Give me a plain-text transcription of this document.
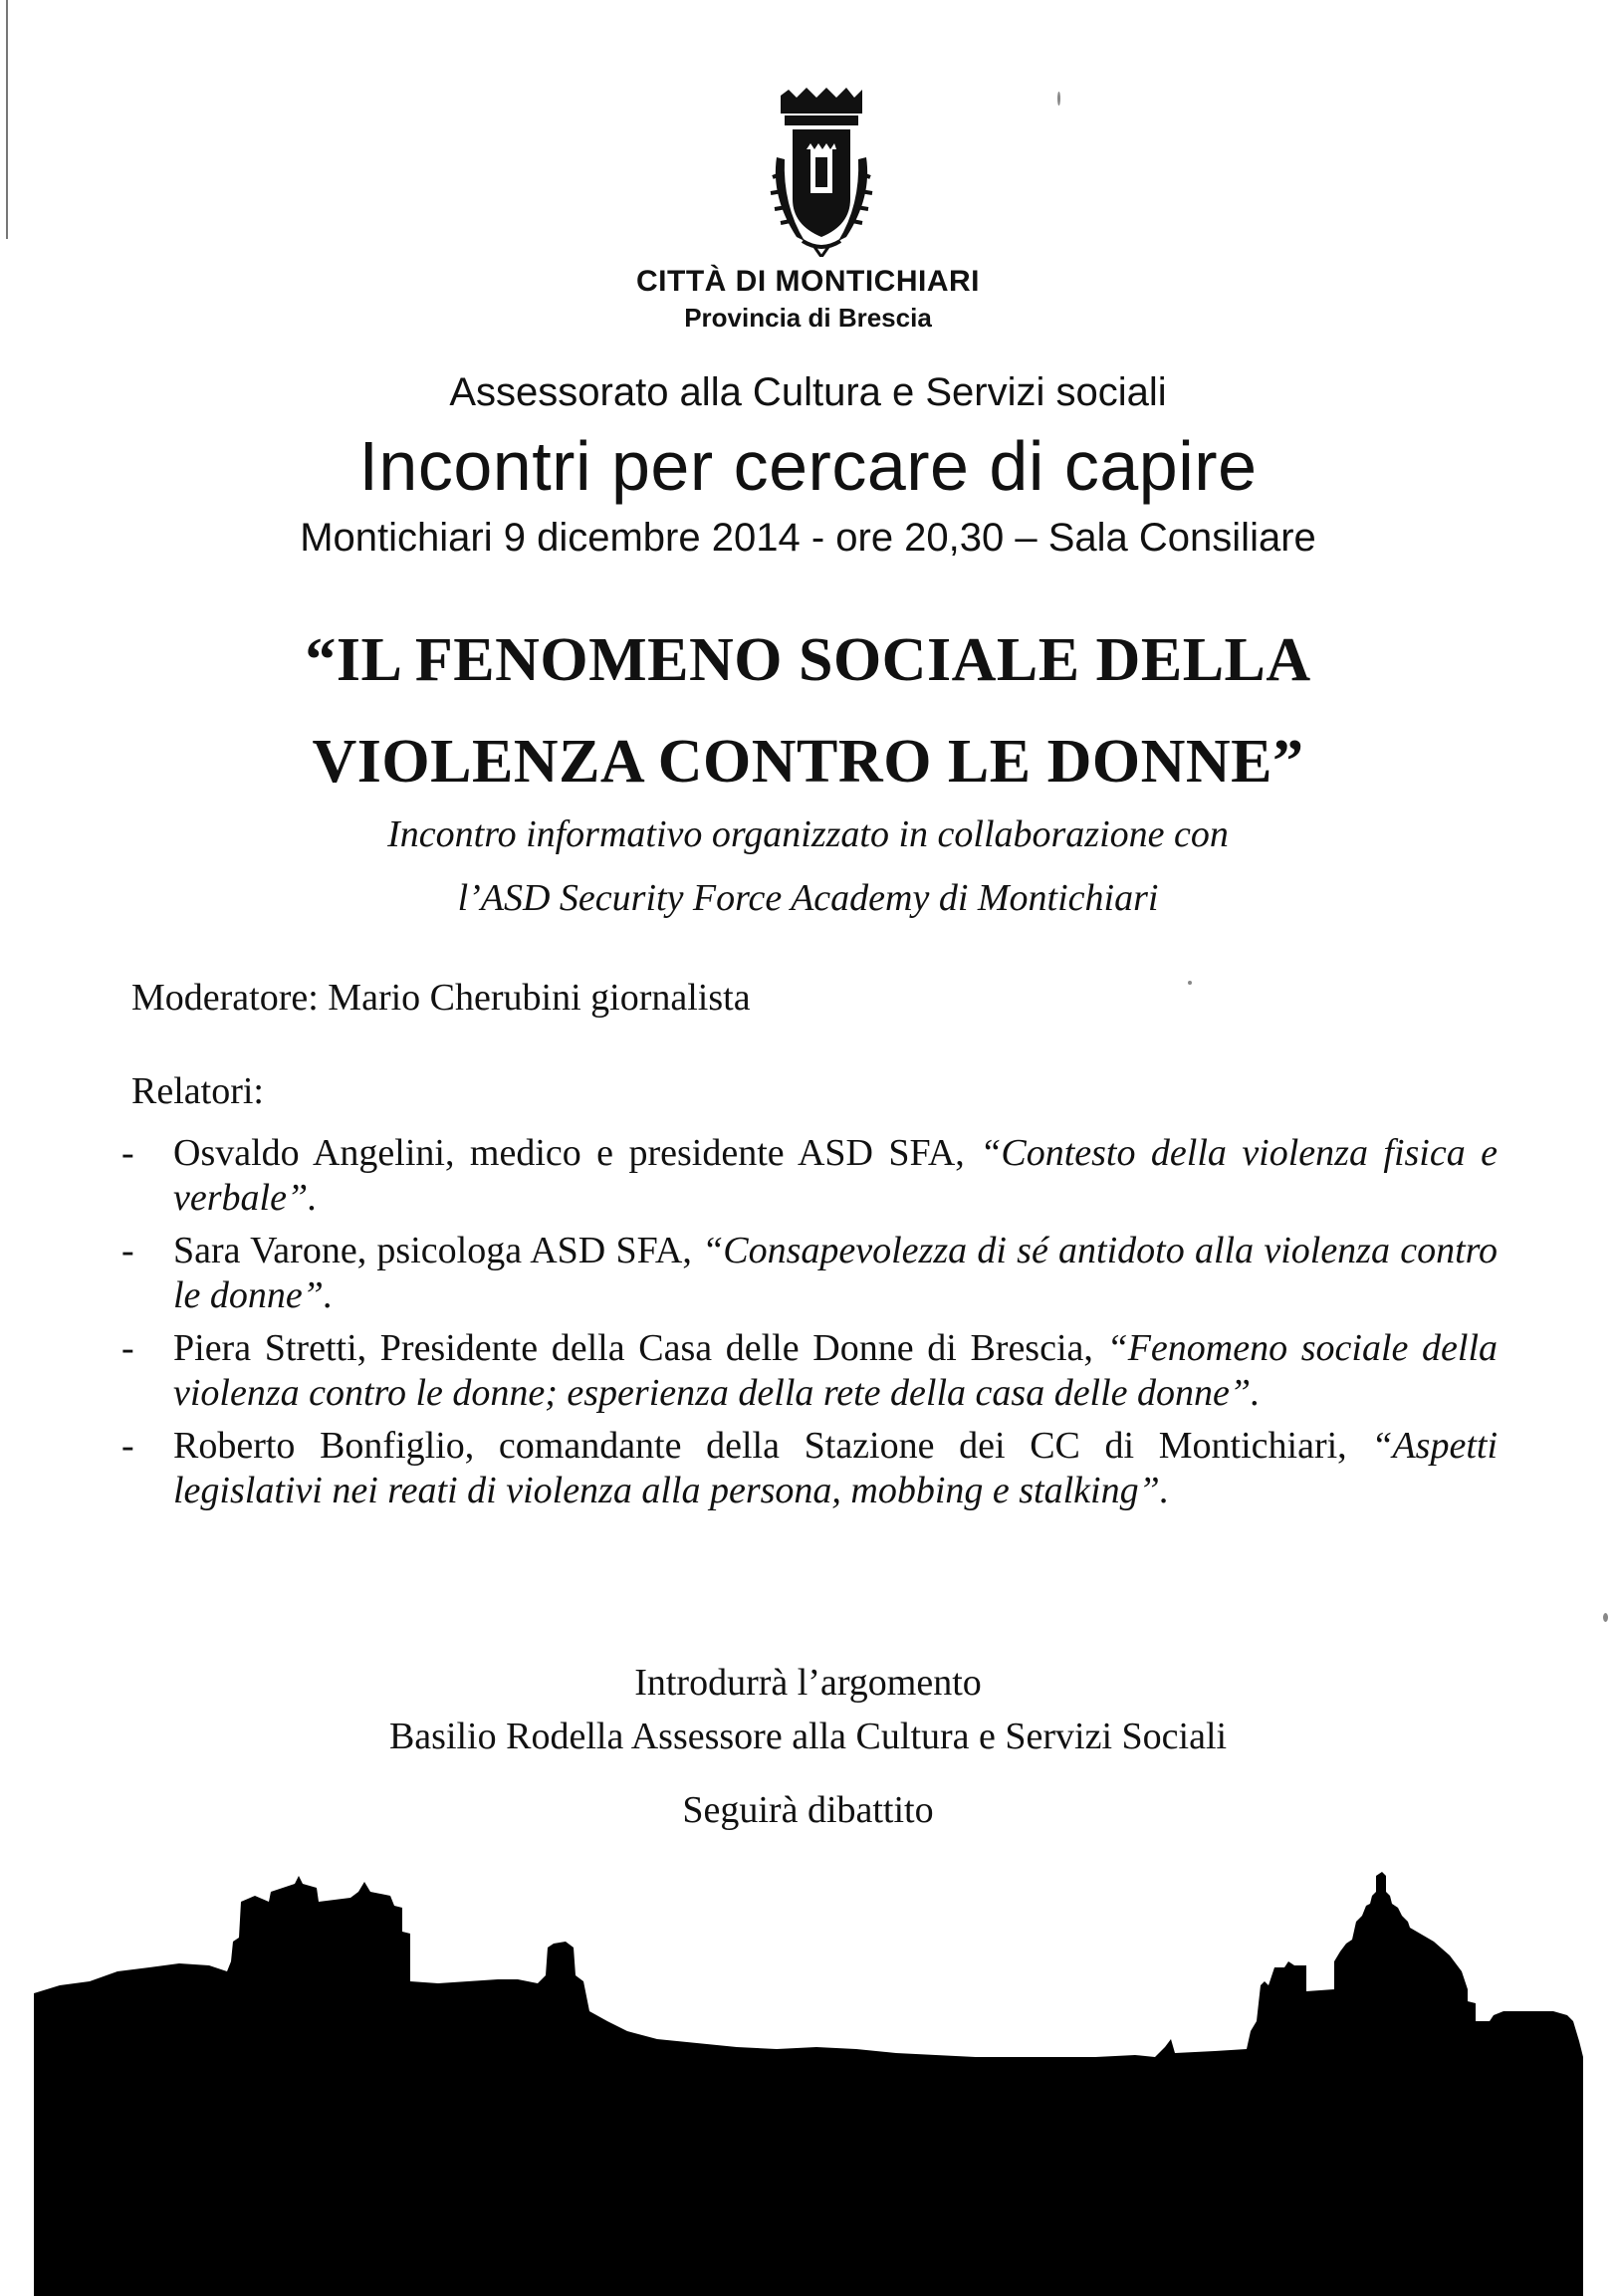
CITTÀ DI MONTICHIARI
Provincia di Brescia
Assessorato alla Cultura e Servizi sociali
Incontri per cercare di capire
Montichiari 9 dicembre 2014 - ore 20,30 – Sala Consiliare
“IL FENOMENO SOCIALE DELLA
VIOLENZA CONTRO LE DONNE”
Incontro informativo organizzato in collaborazione con
l’ASD Security Force Academy di Montichiari
Moderatore: Mario Cherubini giornalista
Relatori:
- Osvaldo Angelini, medico e presidente ASD SFA, “Contesto della violenza fisica e verbale”.
- Sara Varone, psicologa ASD SFA, “Consapevolezza di sé antidoto alla violenza contro le donne”.
- Piera Stretti, Presidente della Casa delle Donne di Brescia, “Fenomeno sociale della violenza contro le donne; esperienza della rete della casa delle donne”.
- Roberto Bonfiglio, comandante della Stazione dei CC di Montichiari, “Aspetti legislativi nei reati di violenza alla persona, mobbing e stalking”.
Introdurrà l’argomento
Basilio Rodella Assessore alla Cultura e Servizi Sociali
Seguirà dibattito
